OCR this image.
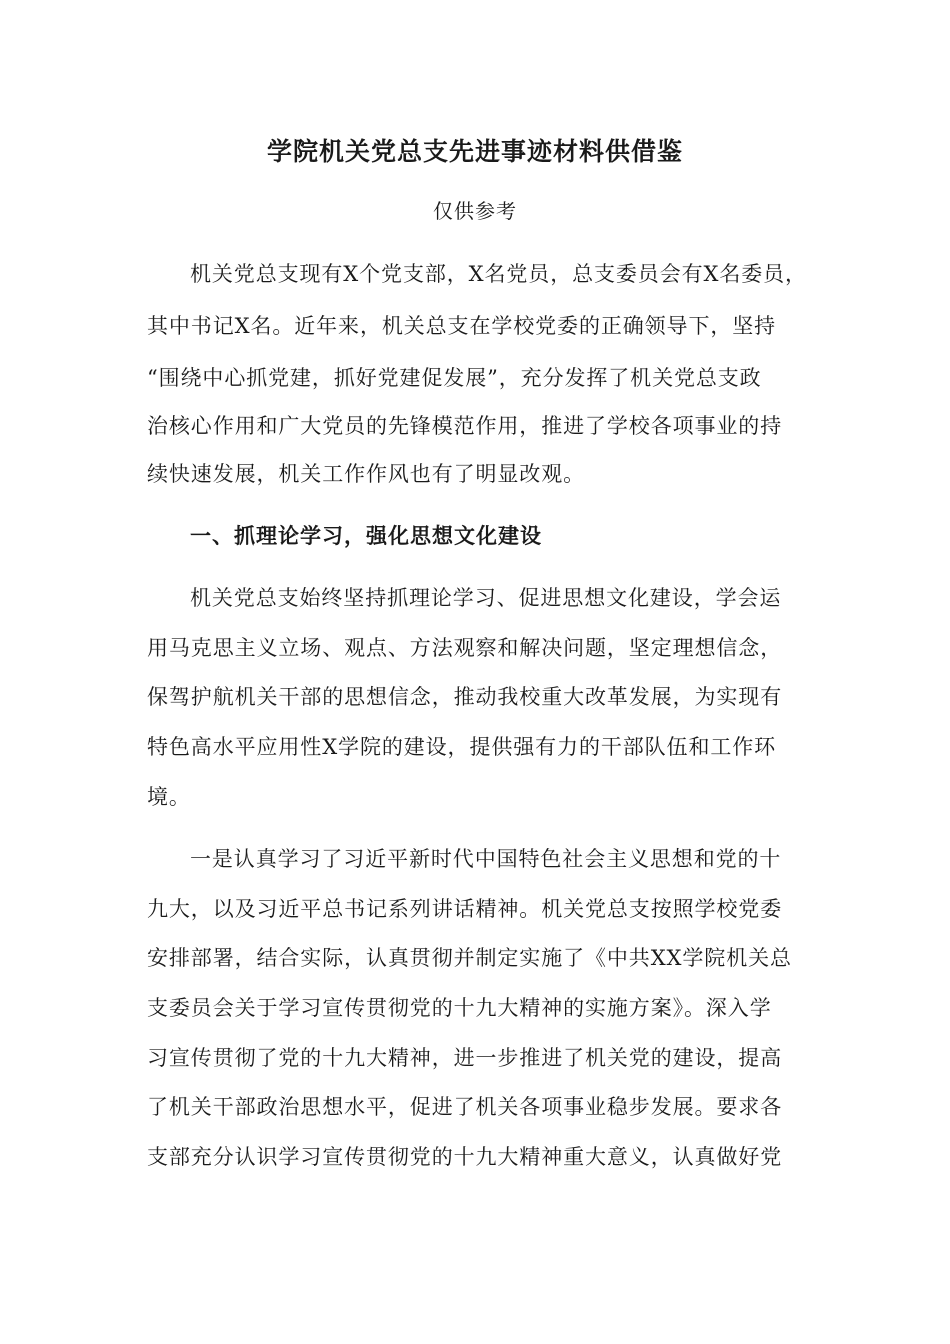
学院机关党总支先进事迹材料供借鉴
仅供参考
机关党总支现有X个党支部，X名党员，总支委员会有X名委员，
其中书记X名。近年来，机关总支在学校党委的正确领导下，坚持
“围绕中心抓党建，抓好党建促发展”，充分发挥了机关党总支政
治核心作用和广大党员的先锋模范作用，推进了学校各项事业的持
续快速发展，机关工作作风也有了明显改观。
一、抓理论学习，强化思想文化建设
机关党总支始终坚持抓理论学习、促进思想文化建设，学会运
用马克思主义立场、观点、方法观察和解决问题，坚定理想信念，
保驾护航机关干部的思想信念，推动我校重大改革发展，为实现有
特色高水平应用性X学院的建设，提供强有力的干部队伍和工作环
境。
一是认真学习了习近平新时代中国特色社会主义思想和党的十
九大，以及习近平总书记系列讲话精神。机关党总支按照学校党委
安排部署，结合实际，认真贯彻并制定实施了《中共XX学院机关总
支委员会关于学习宣传贯彻党的十九大精神的实施方案》。深入学
习宣传贯彻了党的十九大精神，进一步推进了机关党的建设，提高
了机关干部政治思想水平，促进了机关各项事业稳步发展。要求各
支部充分认识学习宣传贯彻党的十九大精神重大意义，认真做好党
